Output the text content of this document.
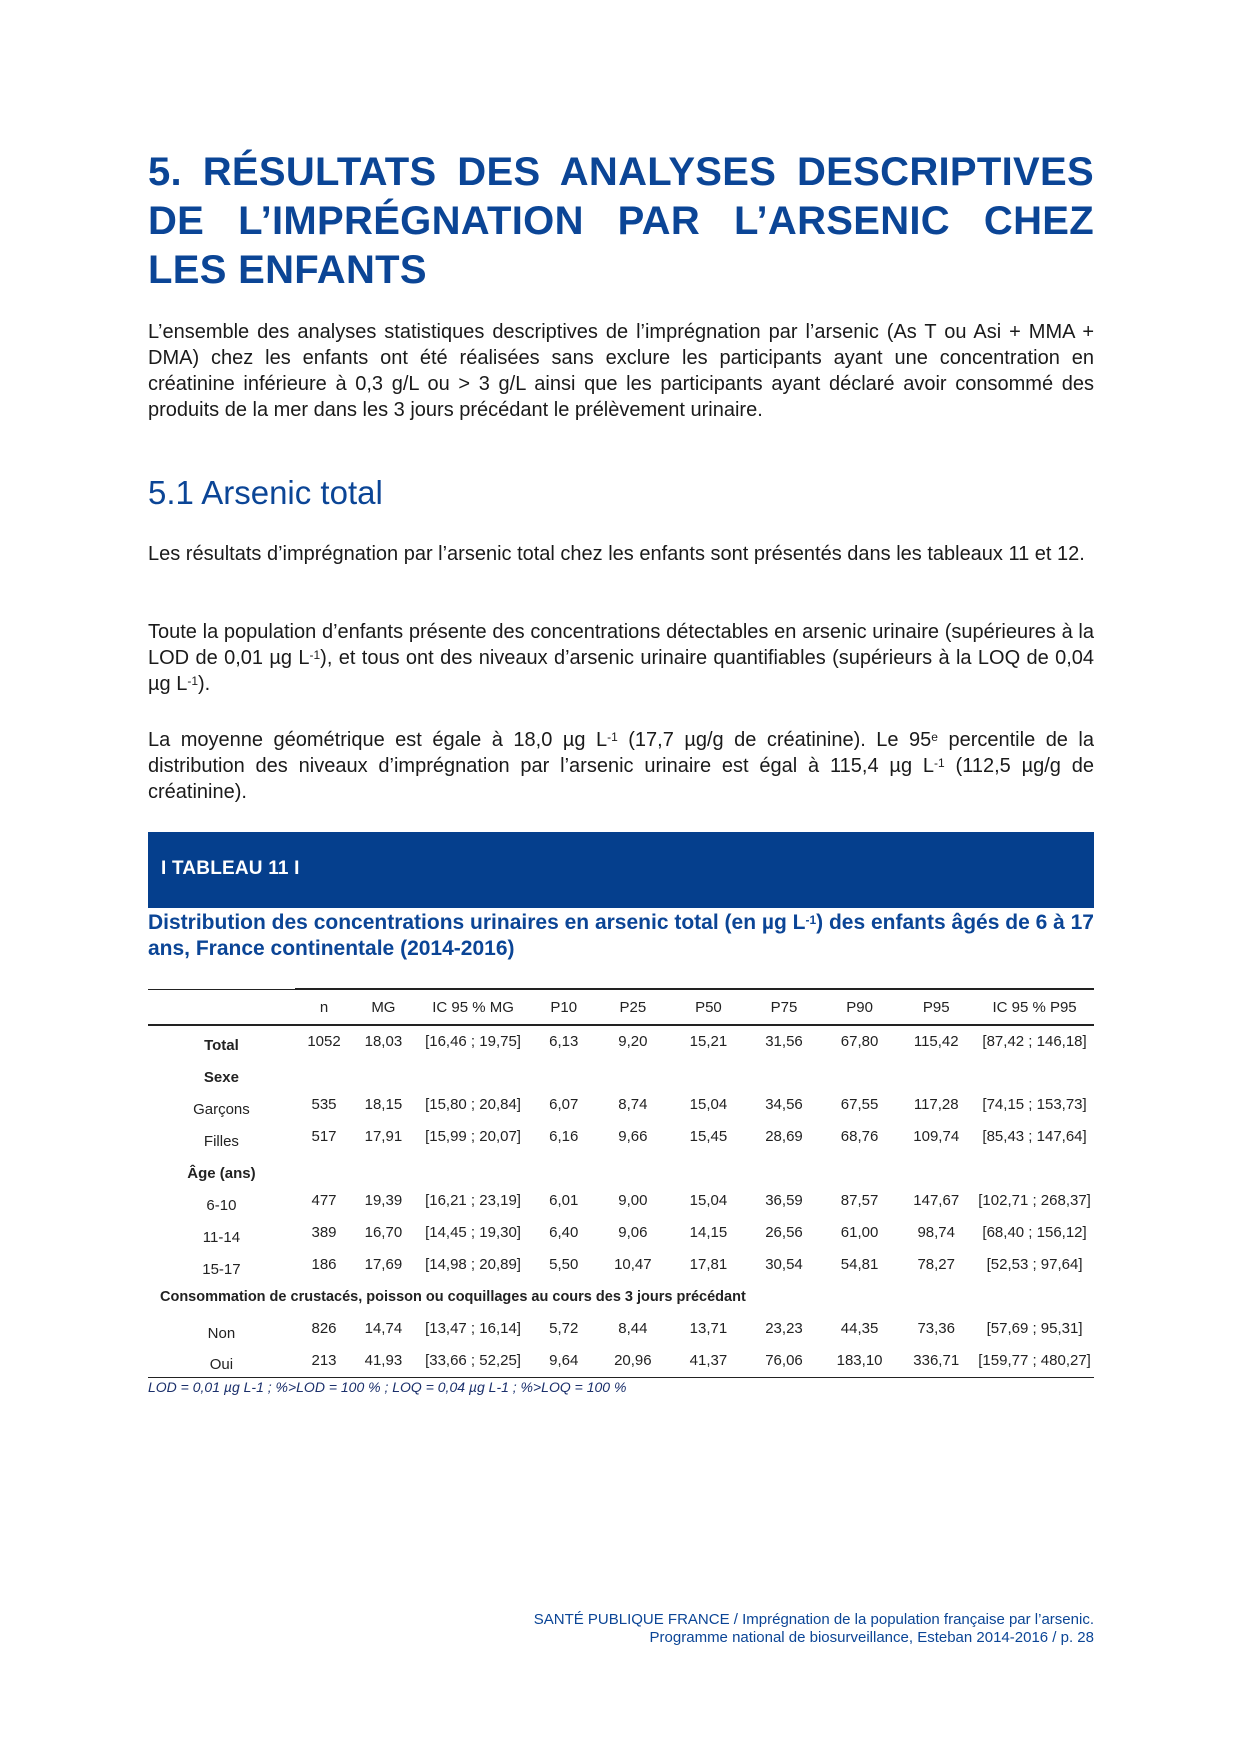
5. RÉSULTATS DES ANALYSES DESCRIPTIVES DE L’IMPRÉGNATION PAR L’ARSENIC CHEZ LES ENFANTS

L’ensemble des analyses statistiques descriptives de l’imprégnation par l’arsenic (As T ou Asi + MMA + DMA) chez les enfants ont été réalisées sans exclure les participants ayant une concentration en créatinine inférieure à 0,3 g/L ou > 3 g/L ainsi que les participants ayant déclaré avoir consommé des produits de la mer dans les 3 jours précédant le prélèvement urinaire.

5.1 Arsenic total

Les résultats d’imprégnation par l’arsenic total chez les enfants sont présentés dans les tableaux 11 et 12.

Toute la population d’enfants présente des concentrations détectables en arsenic urinaire (supérieures à la LOD de 0,01 µg $L^{-1}$), et tous ont des niveaux d’arsenic urinaire quantifiables (supérieurs à la LOQ de 0,04 µg $L^{-1}$).

La moyenne géométrique est égale à 18,0 µg $L^{-1}$ (17,7 µg/g de créatinine). Le 95e percentile de la distribution des niveaux d’imprégnation par l’arsenic urinaire est égal à 115,4 µg $L^{-1}$ (112,5 µg/g de créatinine).

I TABLEAU 11 I

Distribution des concentrations urinaires en arsenic total (en µg $L^{-1}$) des enfants âgés de 6 à 17 ans, France continentale (2014-2016)

	n	MG	IC 95 % MG	P10	P25	P50	P75	P90	P95	IC 95 % P95
Total	1052	18,03	[16,46 ; 19,75]	6,13	9,20	15,21	31,56	67,80	115,42	[87,42 ; 146,18]
Sexe										
Garçons	535	18,15	[15,80 ; 20,84]	6,07	8,74	15,04	34,56	67,55	117,28	[74,15 ; 153,73]
Filles	517	17,91	[15,99 ; 20,07]	6,16	9,66	15,45	28,69	68,76	109,74	[85,43 ; 147,64]
Âge (ans)										
6-10	477	19,39	[16,21 ; 23,19]	6,01	9,00	15,04	36,59	87,57	147,67	[102,71 ; 268,37]
11-14	389	16,70	[14,45 ; 19,30]	6,40	9,06	14,15	26,56	61,00	98,74	[68,40 ; 156,12]
15-17	186	17,69	[14,98 ; 20,89]	5,50	10,47	17,81	30,54	54,81	78,27	[52,53 ; 97,64]
Consommation de crustacés, poisson ou coquillages au cours des 3 jours précédant										
Non	826	14,74	[13,47 ; 16,14]	5,72	8,44	13,71	23,23	44,35	73,36	[57,69 ; 95,31]
Oui	213	41,93	[33,66 ; 52,25]	9,64	20,96	41,37	76,06	183,10	336,71	[159,77 ; 480,27]
LOD = 0,01 µg L-1 ; %>LOD = 100 % ; LOQ = 0,04 µg L-1 ; %>LOQ = 100 %
SANTÉ PUBLIQUE FRANCE / Imprégnation de la population française par l’arsenic.
Programme national de biosurveillance, Esteban 2014-2016 / p. 28
